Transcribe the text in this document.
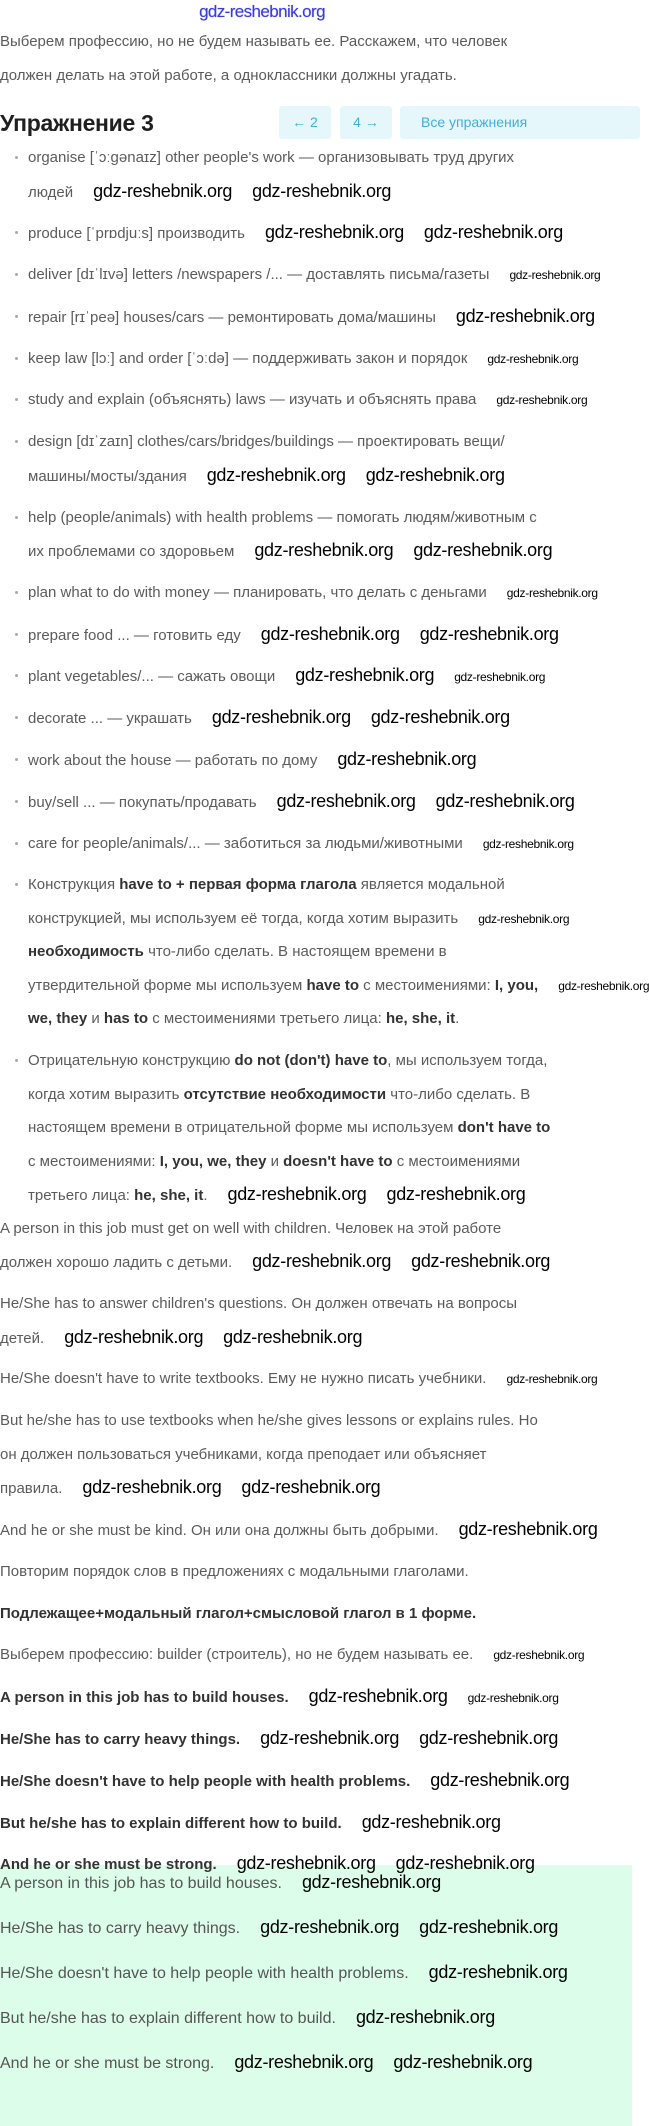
gdz-reshebnik.org
Выберем профессию, но не будем называть ее. Расскажем, что человек
должен делать на этой работе, а одноклассники должны угадать.
Упражнение 3	← 2	4 →	Все упражнения
organise [ˈɔːɡənaɪz] other people's work — организовывать труд других
людей gdz-reshebnik.org gdz-reshebnik.org
produce [ˈprɒdjuːs] производить gdz-reshebnik.org gdz-reshebnik.org
deliver [dɪˈlɪvə] letters /newspapers /... — доставлять письма/газеты gdz-reshebnik.org
repair [rɪˈpeə] houses/cars — ремонтировать дома/машины gdz-reshebnik.org
keep law [lɔː] and order [ˈɔːdə] — поддерживать закон и порядок gdz-reshebnik.org
study and explain (объяснять) laws — изучать и объяснять права gdz-reshebnik.org
design [dɪˈzaɪn] clothes/cars/bridges/buildings — проектировать вещи/
машины/мосты/здания gdz-reshebnik.org gdz-reshebnik.org
help (people/animals) with health problems — помогать людям/животным с
их проблемами со здоровьем gdz-reshebnik.org gdz-reshebnik.org
plan what to do with money — планировать, что делать с деньгами gdz-reshebnik.org
prepare food ... — готовить еду gdz-reshebnik.org gdz-reshebnik.org
plant vegetables/... — сажать овощи gdz-reshebnik.org gdz-reshebnik.org
decorate ... — украшать gdz-reshebnik.org gdz-reshebnik.org
work about the house — работать по дому gdz-reshebnik.org
buy/sell ... — покупать/продавать gdz-reshebnik.org gdz-reshebnik.org
care for people/animals/... — заботиться за людьми/животными gdz-reshebnik.org
Конструкция have to + первая форма глагола является модальной
конструкцией, мы используем её тогда, когда хотим выразить gdz-reshebnik.org
необходимость что-либо сделать. В настоящем времени в
утвердительной форме мы используем have to с местоимениями: I, you, gdz-reshebnik.org
we, they и has to с местоимениями третьего лица: he, she, it.
Отрицательную конструкцию do not (don't) have to, мы используем тогда,
когда хотим выразить отсутствие необходимости что-либо сделать. В
настоящем времени в отрицательной форме мы используем don't have to
с местоимениями: I, you, we, they и doesn't have to с местоимениями
третьего лица: he, she, it. gdz-reshebnik.org gdz-reshebnik.org
A person in this job must get on well with children. Человек на этой работе
должен хорошо ладить с детьми. gdz-reshebnik.org gdz-reshebnik.org
He/She has to answer children's questions. Он должен отвечать на вопросы
детей. gdz-reshebnik.org gdz-reshebnik.org
He/She doesn't have to write textbooks. Ему не нужно писать учебники. gdz-reshebnik.org
But he/she has to use textbooks when he/she gives lessons or explains rules. Но
он должен пользоваться учебниками, когда преподает или объясняет
правила. gdz-reshebnik.org gdz-reshebnik.org
And he or she must be kind. Он или она должны быть добрыми. gdz-reshebnik.org
Повторим порядок слов в предложениях с модальными глаголами.
Подлежащее+модальный глагол+смысловой глагол в 1 форме.
Выберем профессию: builder (строитель), но не будем называть ее. gdz-reshebnik.org
A person in this job has to build houses. gdz-reshebnik.org gdz-reshebnik.org
He/She has to carry heavy things. gdz-reshebnik.org gdz-reshebnik.org
He/She doesn't have to help people with health problems. gdz-reshebnik.org
But he/she has to explain different how to build. gdz-reshebnik.org
And he or she must be strong. gdz-reshebnik.org gdz-reshebnik.org
A person in this job has to build houses. gdz-reshebnik.org
He/She has to carry heavy things. gdz-reshebnik.org gdz-reshebnik.org
He/She doesn't have to help people with health problems. gdz-reshebnik.org
But he/she has to explain different how to build. gdz-reshebnik.org
And he or she must be strong. gdz-reshebnik.org gdz-reshebnik.org
